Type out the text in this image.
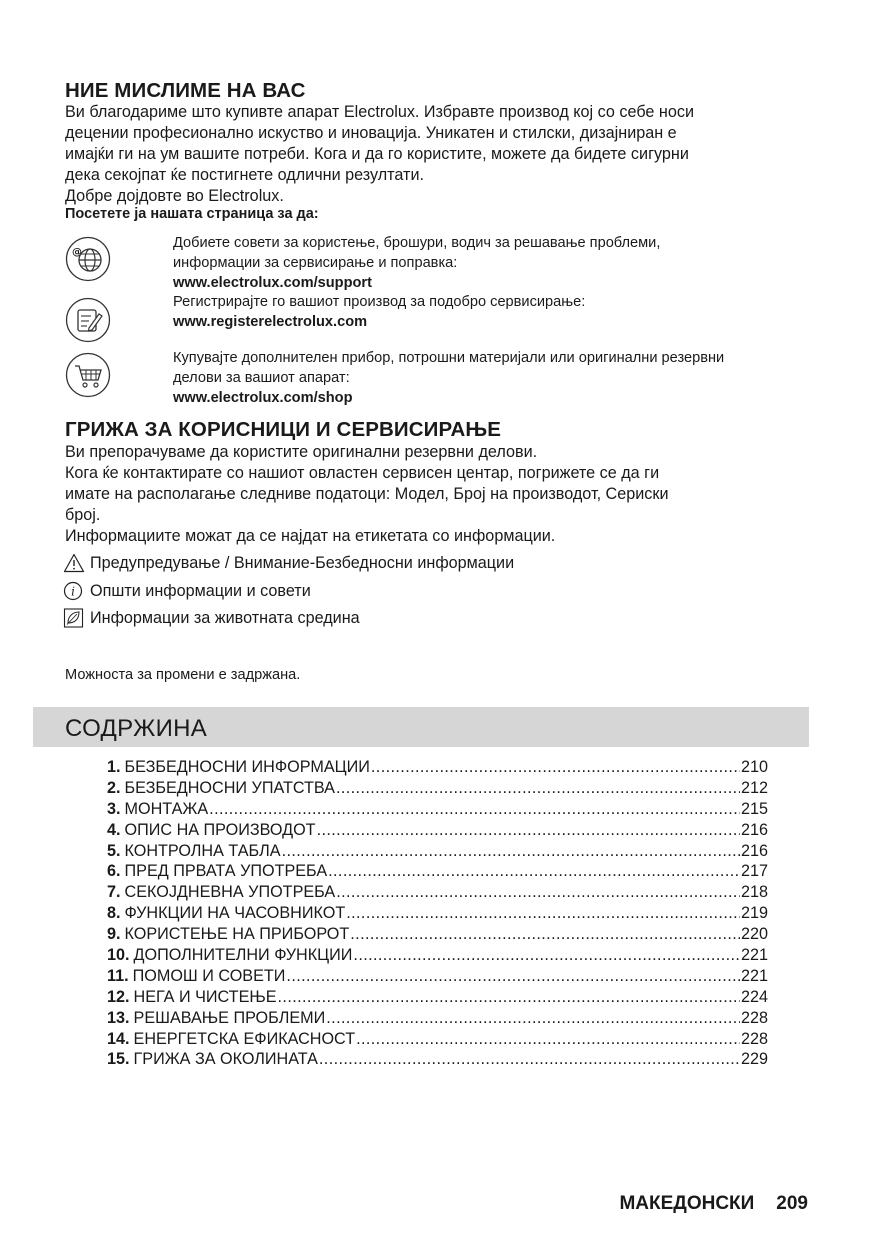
НИЕ МИСЛИМЕ НА ВАС

Ви благодариме што купивте апарат Electrolux. Избравте производ кој со себе носи

децении професионално искуство и иновација. Уникатен и стилски, дизајниран е

имајќи ги на ум вашите потреби. Кога и да го користите, можете да бидете сигурни

дека секојпат ќе постигнете одлични резултати.

Добре дојдовте во Electrolux.

Посетете ја нашата страница за да:
@
Добиете совети за користење, брошури, водич за решавање проблеми,
информации за сервисирање и поправка:
www.electrolux.com/support
Регистрирајте го вашиот производ за подобро сервисирање:
www.registerelectrolux.com
Купувајте дополнителен прибор, потрошни материјали или оригинални резервни
делови за вашиот апарат:
www.electrolux.com/shop
ГРИЖА ЗА КОРИСНИЦИ И СЕРВИСИРАЊЕ

Ви препорачуваме да користите оригинални резервни делови.

Кога ќе контактирате со нашиот овластен сервисен центар, погрижете се да ги

имате на располагање следниве податоци: Модел, Број на производот, Сериски

број.

Информациите можат да се најдат на етикетата со информации.

Предупредување / Внимание-Безбедносни информации
i Општи информации и совети
Информации за животната средина
Можноста за промени е задржана.
СОДРЖИНА
1. БЕЗБЕДНОСНИ ИНФОРМАЦИИ .....	210
2. БЕЗБЕДНОСНИ УПАТСТВА .....	212
3. МОНТАЖА .....	215
4. ОПИС НА ПРОИЗВОДОТ .....	216
5. КОНТРОЛНА ТАБЛА .....	216
6. ПРЕД ПРВАТА УПОТРЕБА .....	217
7. СЕКОЈДНЕВНА УПОТРЕБА .....	218
8. ФУНКЦИИ НА ЧАСОВНИКОТ .....	219
9. КОРИСТЕЊЕ НА ПРИБОРОТ .....	220
10. ДОПОЛНИТЕЛНИ ФУНКЦИИ .....	221
11. ПОМОШ И СОВЕТИ .....	221
12. НЕГА И ЧИСТЕЊЕ .....	224
13. РЕШАВАЊЕ ПРОБЛЕМИ .....	228
14. ЕНЕРГЕТСКА ЕФИКАСНОСТ .....	228
15. ГРИЖА ЗА ОКОЛИНАТА .....	229
МАКЕДОНСКИ 209
